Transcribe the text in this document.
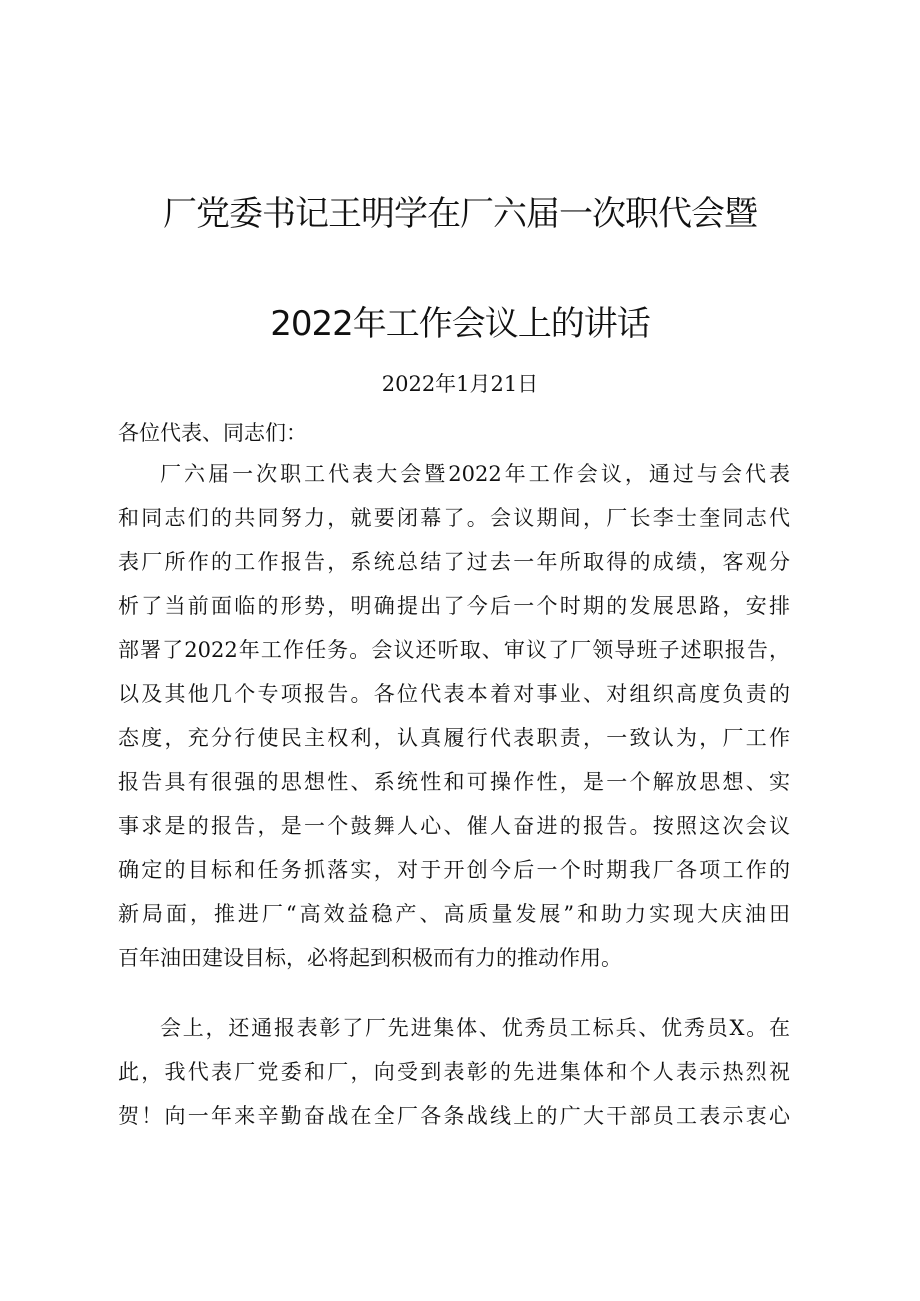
厂党委书记王明学在厂六届一次职代会暨
2022年工作会议上的讲话
2022年1月21日
各位代表、同志们：
厂六届一次职工代表大会暨2022年工作会议，通过与会代表
和同志们的共同努力，就要闭幕了。会议期间，厂长李士奎同志代
表厂所作的工作报告，系统总结了过去一年所取得的成绩，客观分
析了当前面临的形势，明确提出了今后一个时期的发展思路，安排
部署了2022年工作任务。会议还听取、审议了厂领导班子述职报告，
以及其他几个专项报告。各位代表本着对事业、对组织高度负责的
态度，充分行使民主权利，认真履行代表职责，一致认为，厂工作
报告具有很强的思想性、系统性和可操作性，是一个解放思想、实
事求是的报告，是一个鼓舞人心、催人奋进的报告。按照这次会议
确定的目标和任务抓落实，对于开创今后一个时期我厂各项工作的
新局面，推进厂“高效益稳产、高质量发展”和助力实现大庆油田
百年油田建设目标，必将起到积极而有力的推动作用。
会上，还通报表彰了厂先进集体、优秀员工标兵、优秀员X。在
此，我代表厂党委和厂，向受到表彰的先进集体和个人表示热烈祝
贺！向一年来辛勤奋战在全厂各条战线上的广大干部员工表示衷心
